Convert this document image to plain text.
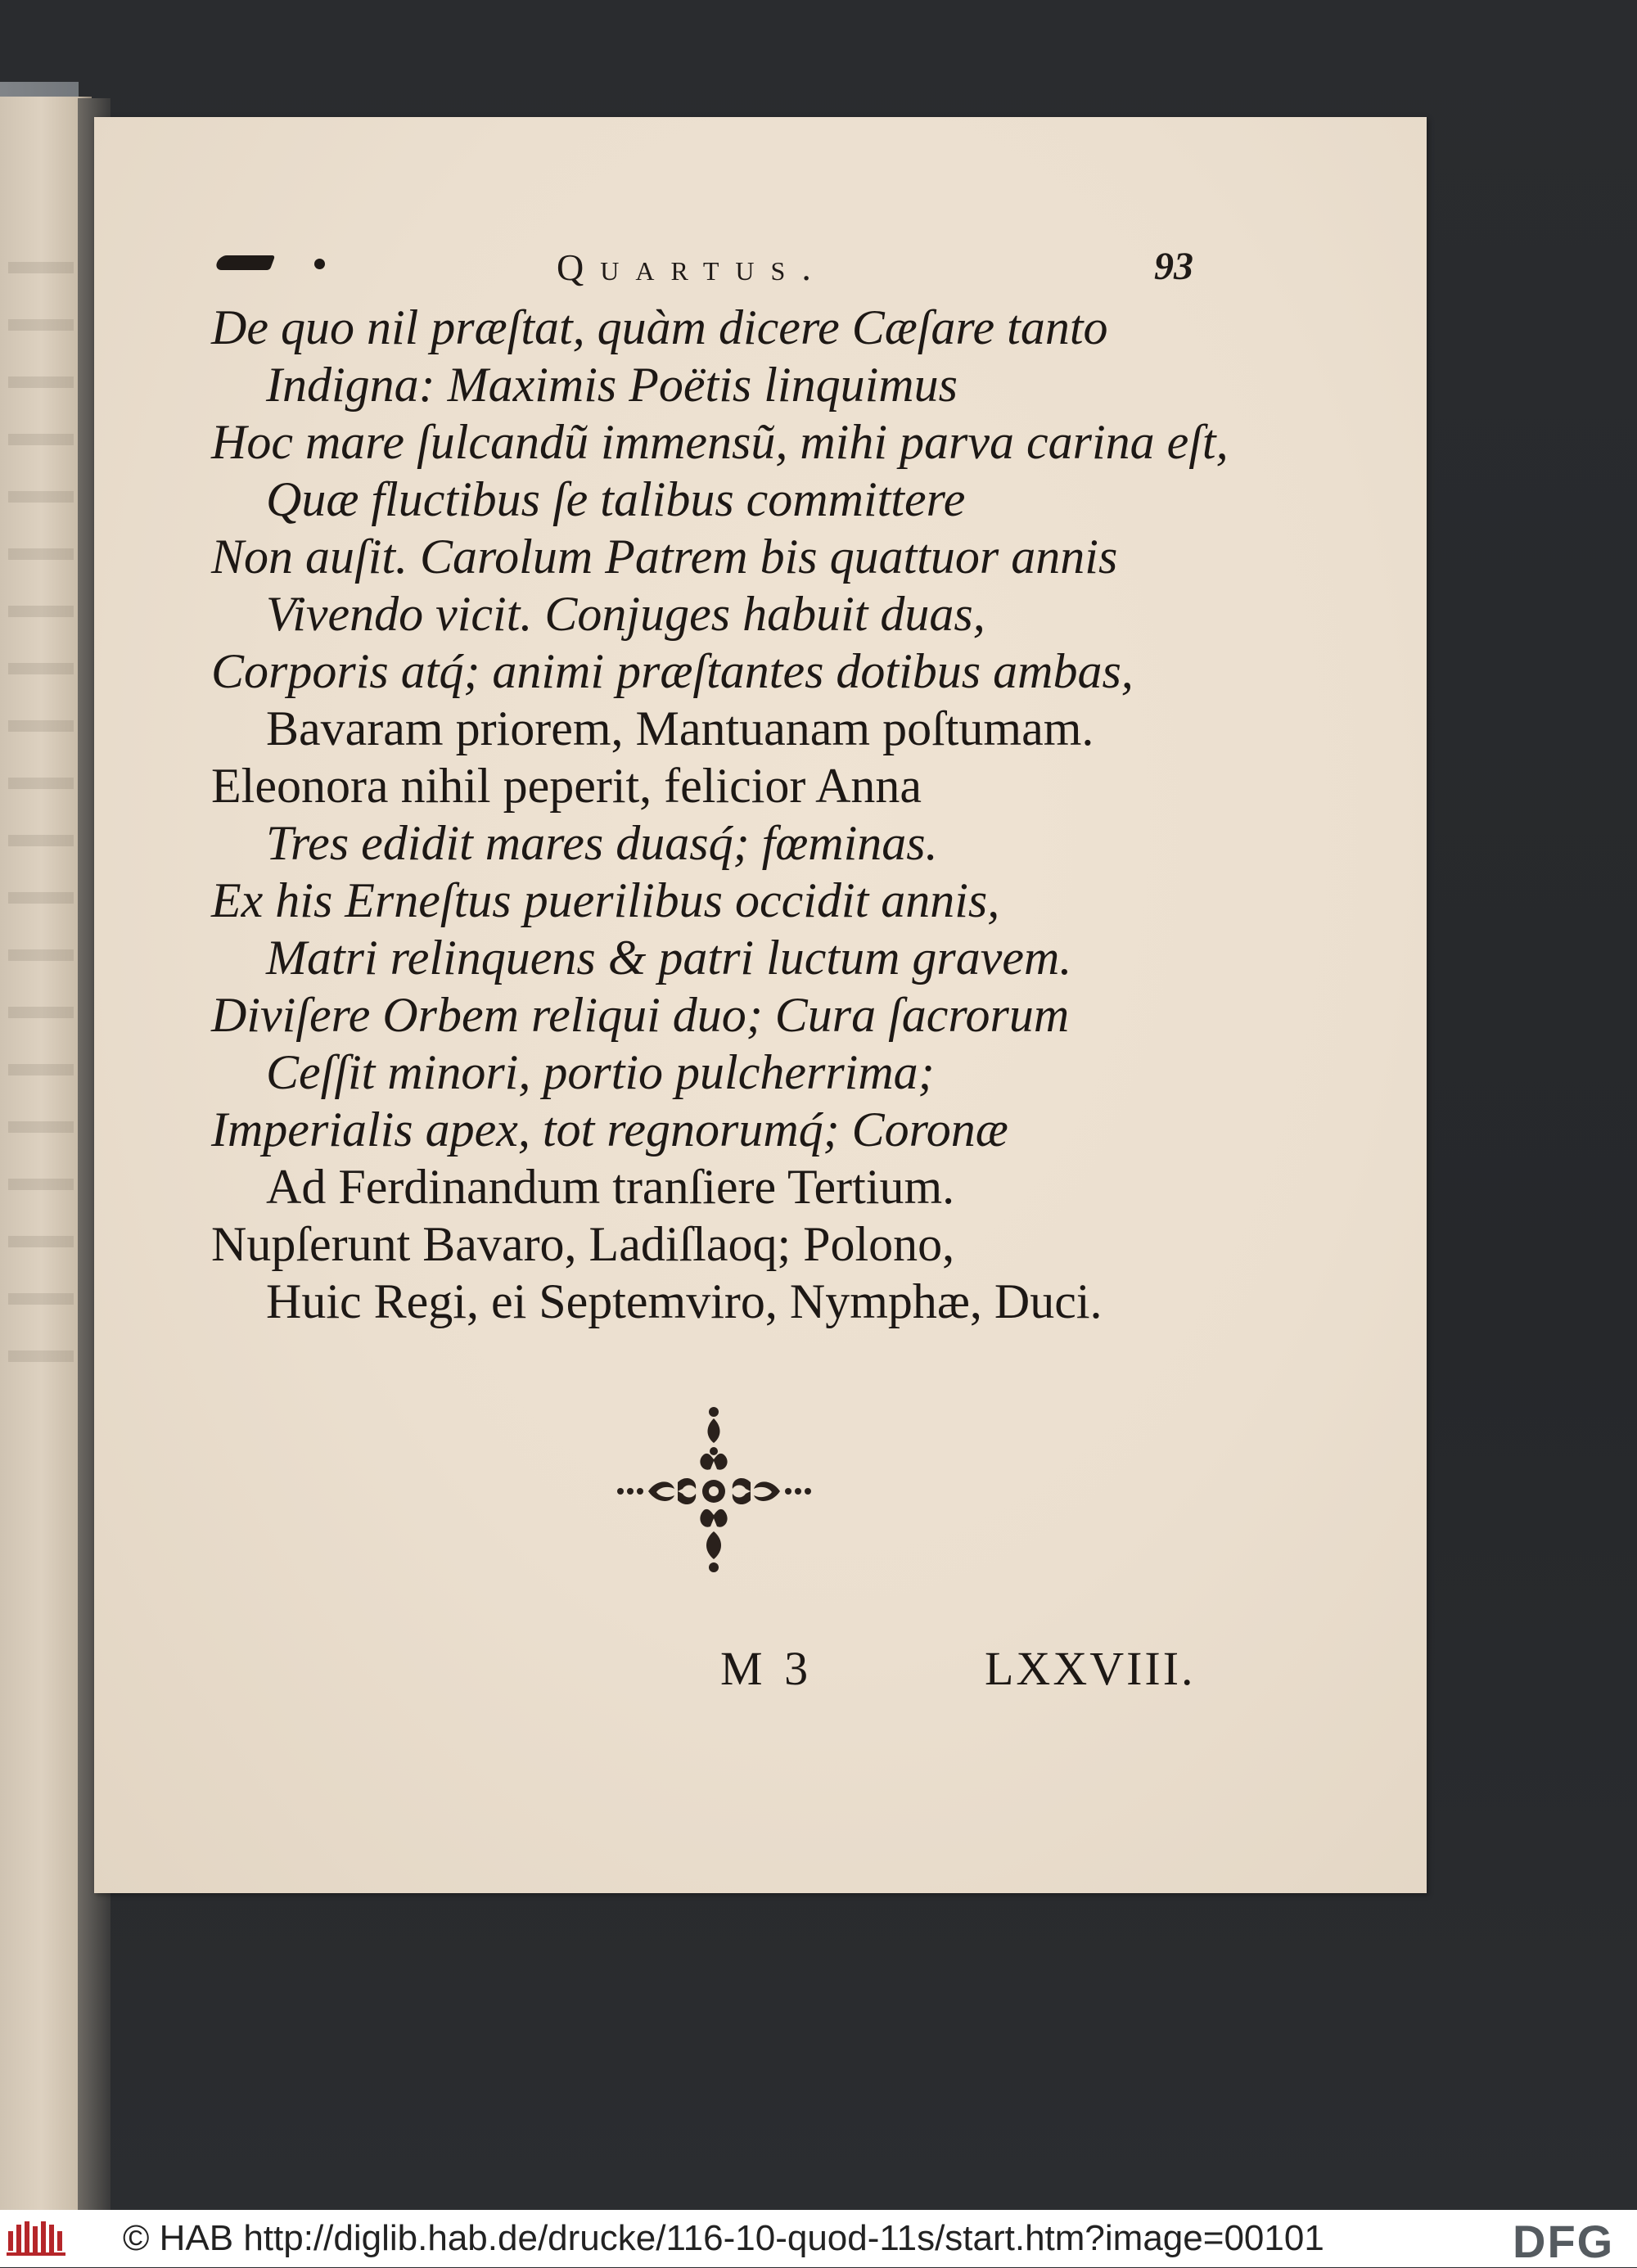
Quartus.	93
De quo nil præſtat, quàm dicere Cæſare tanto
Indigna: Maximis Poëtis linquimus
Hoc mare ſulcandũ immensũ, mihi parva carina eſt,
Quæ fluctibus ſe talibus committere
Non auſit. Carolum Patrem bis quattuor annis
Vivendo vicit. Conjuges habuit duas,
Corporis atq́; animi præſtantes dotibus ambas,
Bavaram priorem, Mantuanam poſtumam.
Eleonora nihil peperit, felicior Anna
Tres edidit mares duasq́; fœminas.
Ex his Erneſtus puerilibus occidit annis,
Matri relinquens & patri luctum gravem.
Diviſere Orbem reliqui duo; Cura ſacrorum
Ceſſit minori, portio pulcherrima;
Imperialis apex, tot regnorumq́; Coronæ
Ad Ferdinandum tranſiere Tertium.
Nupſerunt Bavaro, Ladiſlaoq; Polono,
Huic Regi, ei Septemviro, Nymphæ, Duci.
M 3	LXXVIII.
© HAB http://diglib.hab.de/drucke/116-10-quod-11s/start.htm?image=00101	DFG
